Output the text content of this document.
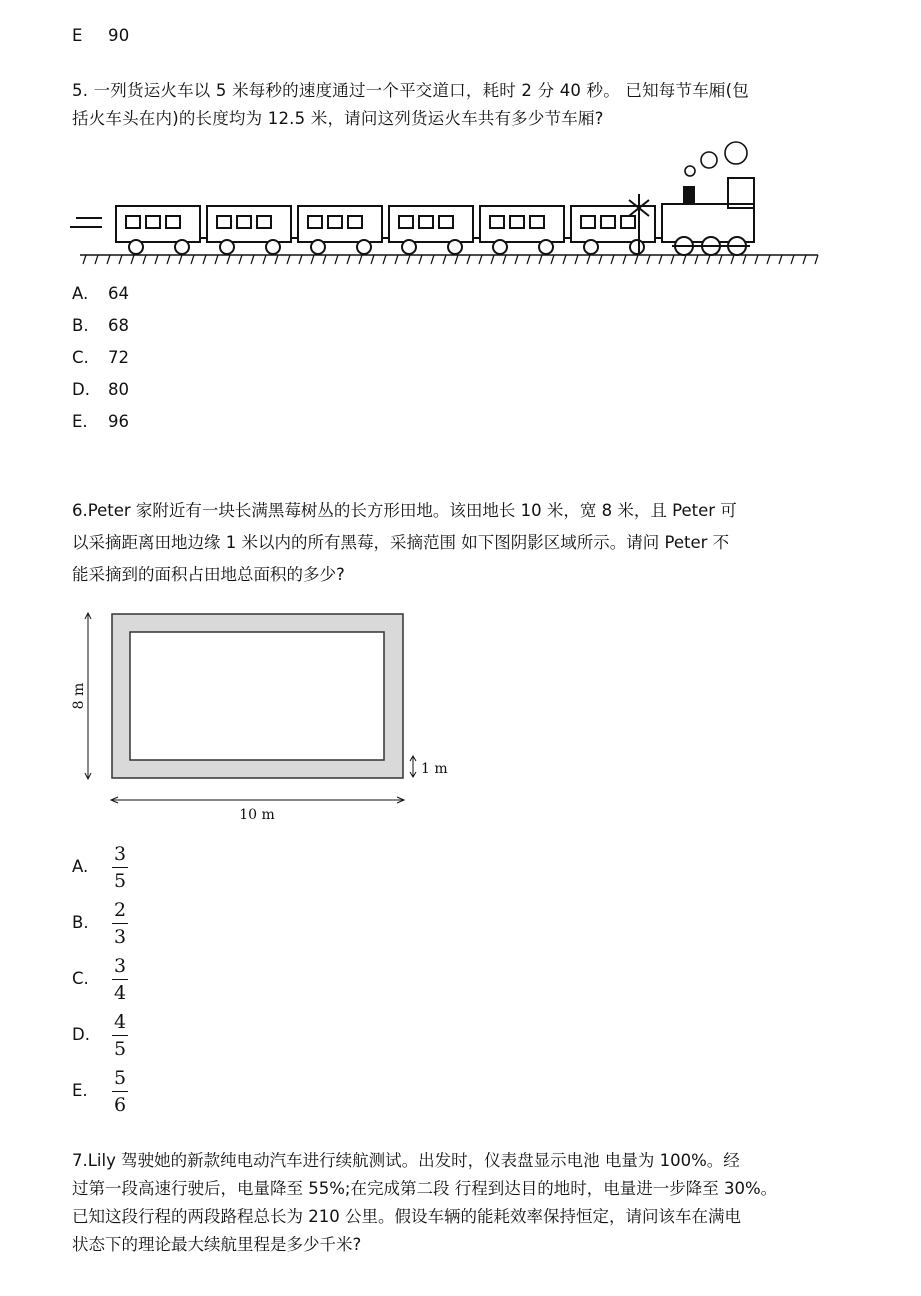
E 90
5. 一列货运火车以 5 米每秒的速度通过一个平交道口，耗时 2 分 40 秒。 已知每节车厢(包
括火车头在内)的长度均为 12.5 米，请问这列货运火车共有多少节车厢?
A. 64
B. 68
C. 72
D. 80
E. 96
6.Peter 家附近有一块长满黑莓树丛的长方形田地。该田地长 10 米，宽 8 米，且 Peter 可
以采摘距离田地边缘 1 米以内的所有黑莓，采摘范围 如下图阴影区域所示。请问 Peter 不
能采摘到的面积占田地总面积的多少?
8 m
1 m
10 m
A.
3
5
B.
2
3
C.
3
4
D.
4
5
E.
5
6
7.Lily 驾驶她的新款纯电动汽车进行续航测试。出发时，仪表盘显示电池 电量为 100%。经
过第一段高速行驶后，电量降至 55%;在完成第二段 行程到达目的地时，电量进一步降至 30%。
已知这段行程的两段路程总长为 210 公里。假设车辆的能耗效率保持恒定，请问该车在满电
状态下的理论最大续航里程是多少千米?
